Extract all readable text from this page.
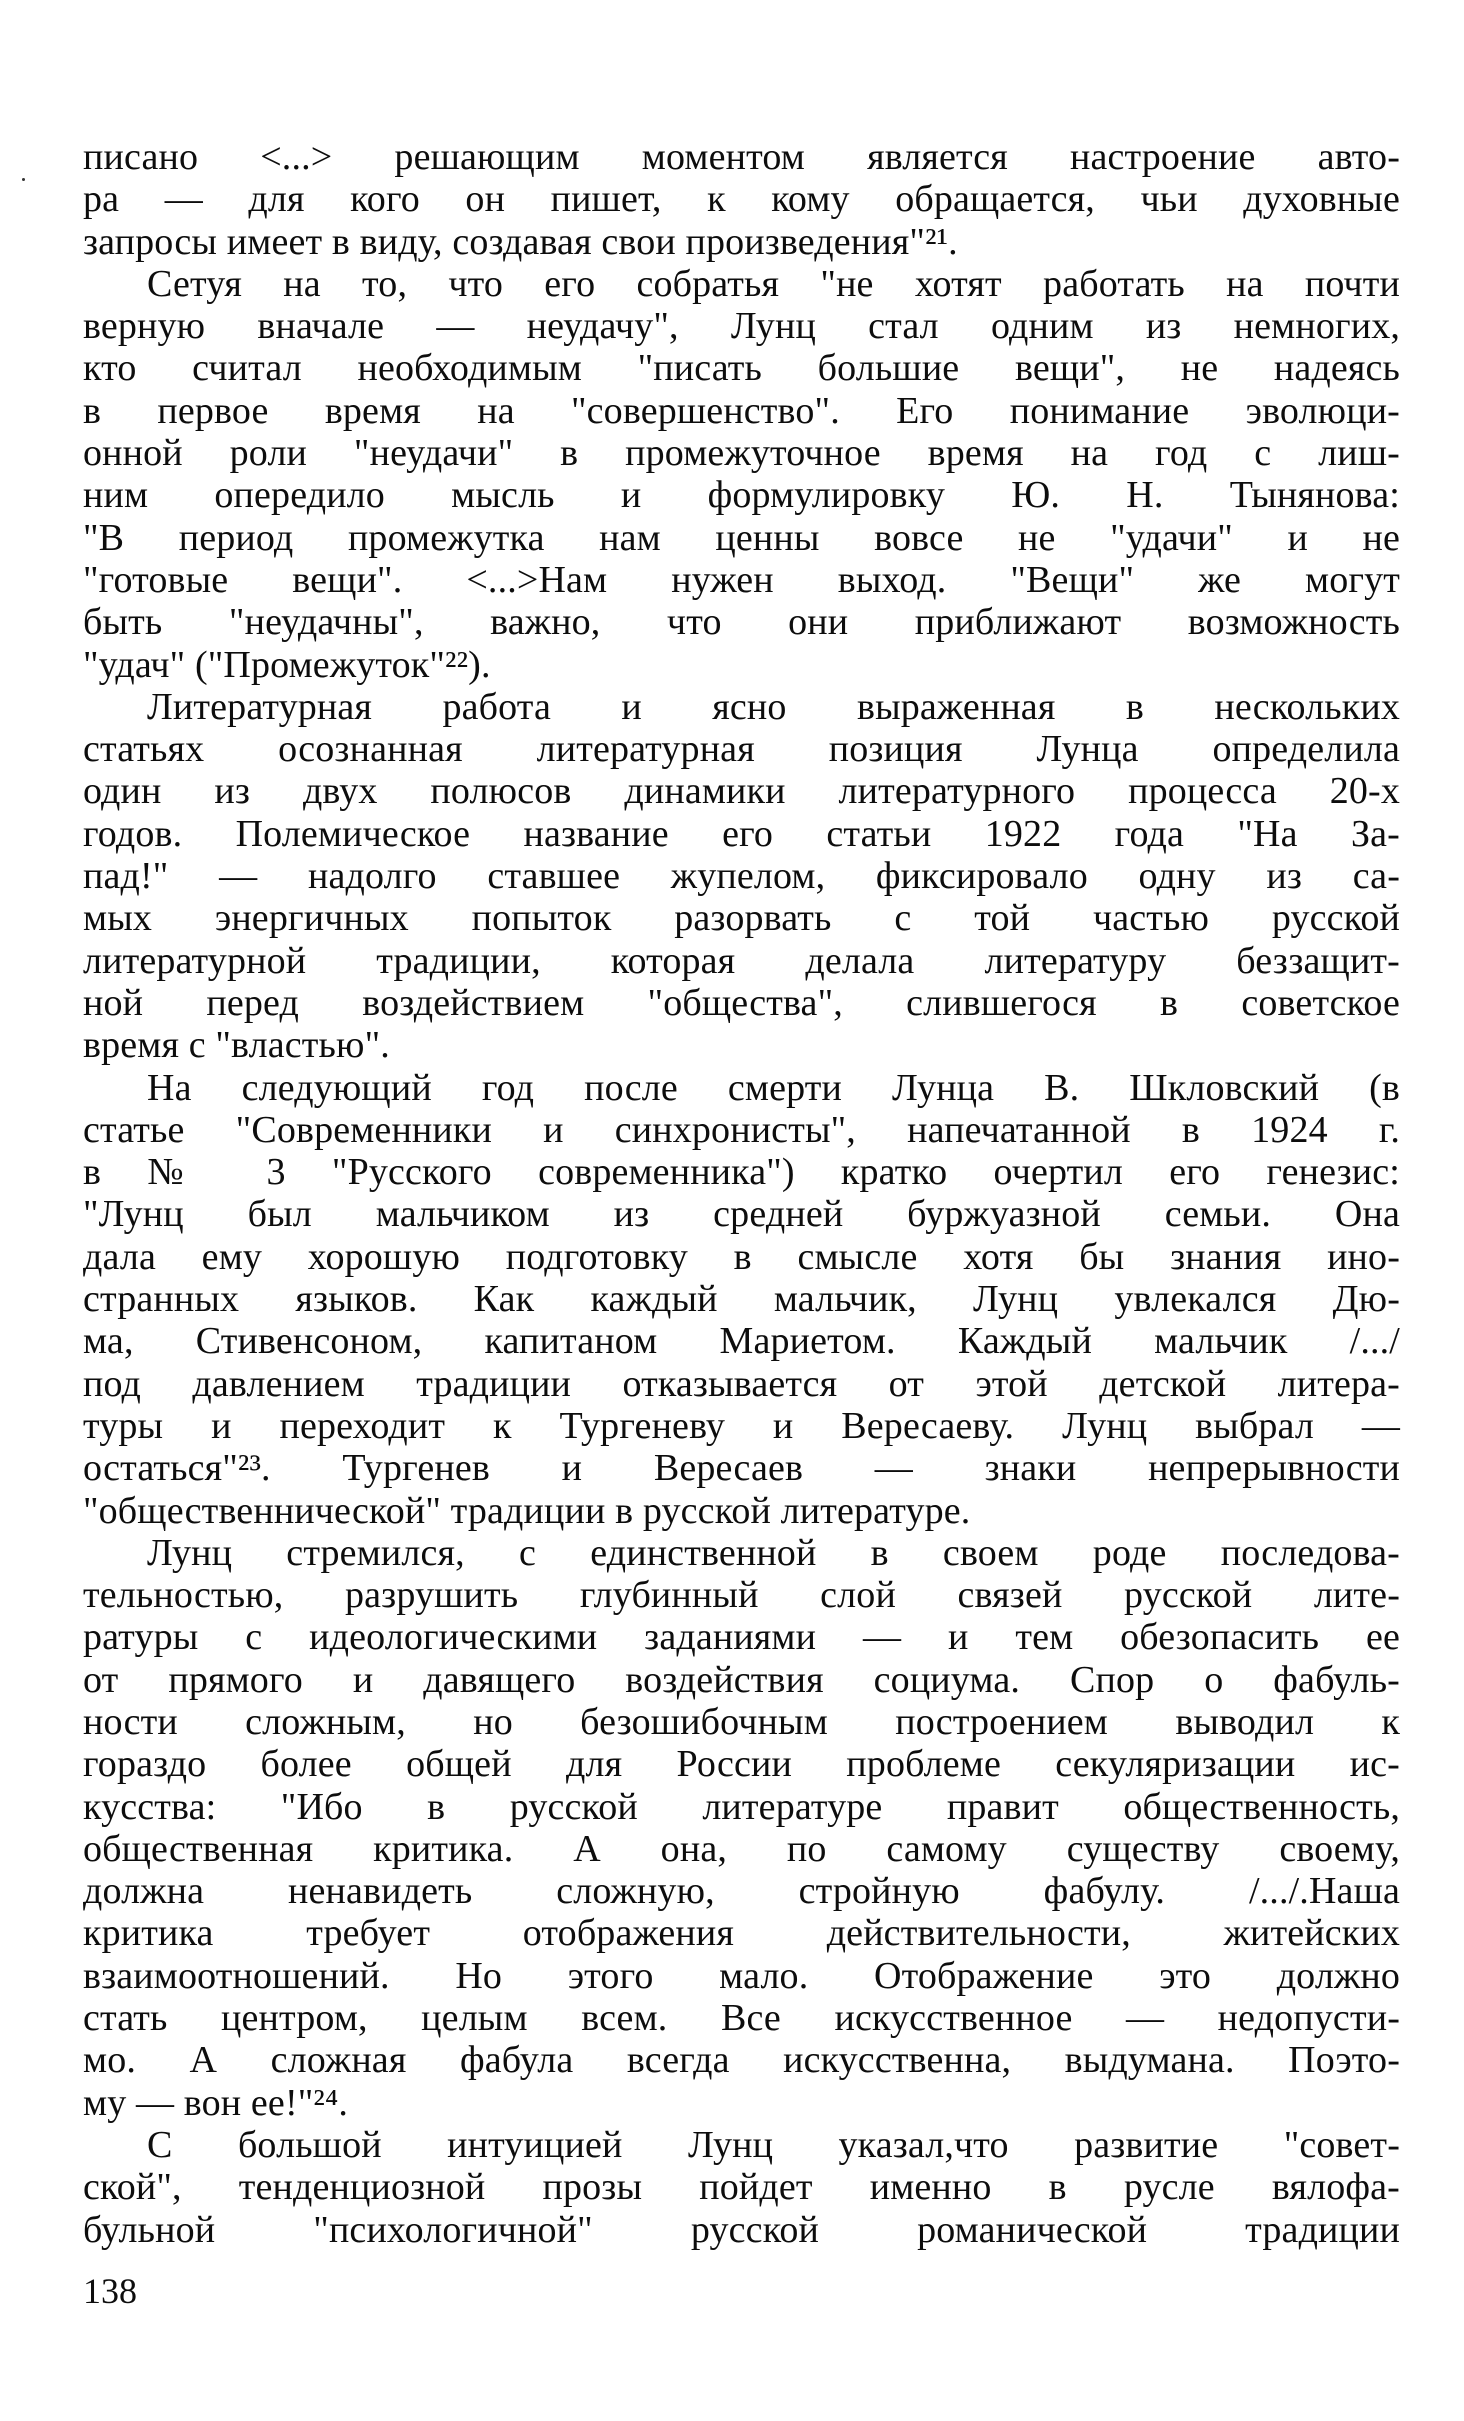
писано <...> решающим моментом является настроение авто-
ра — для кого он пишет, к кому обращается, чьи духовные
запросы имеет в виду, создавая свои произведения"²¹.
Сетуя на то, что его собратья "не хотят работать на почти
верную вначале — неудачу", Лунц стал одним из немногих,
кто считал необходимым "писать большие вещи", не надеясь
в первое время на "совершенство". Его понимание эволюци-
онной роли "неудачи" в промежуточное время на год с лиш-
ним опередило мысль и формулировку Ю. Н. Тынянова:
"В период промежутка нам ценны вовсе не "удачи" и не
"готовые вещи". <...>Нам нужен выход. "Вещи" же могут
быть "неудачны", важно, что они приближают возможность
"удач" ("Промежуток"²²).
Литературная работа и ясно выраженная в нескольких
статьях осознанная литературная позиция Лунца определила
один из двух полюсов динамики литературного процесса 20-х
годов. Полемическое название его статьи 1922 года "На За-
пад!" — надолго ставшее жупелом, фиксировало одну из са-
мых энергичных попыток разорвать с той частью русской
литературной традиции, которая делала литературу беззащит-
ной перед воздействием "общества", слившегося в советское
время с "властью".
На следующий год после смерти Лунца В. Шкловский (в
статье "Современники и синхронисты", напечатанной в 1924 г.
в № 3 "Русского современника") кратко очертил его генезис:
"Лунц был мальчиком из средней буржуазной семьи. Она
дала ему хорошую подготовку в смысле хотя бы знания ино-
странных языков. Как каждый мальчик, Лунц увлекался Дю-
ма, Стивенсоном, капитаном Мариетом. Каждый мальчик /.../
под давлением традиции отказывается от этой детской литера-
туры и переходит к Тургеневу и Вересаеву. Лунц выбрал —
остаться"²³. Тургенев и Вересаев — знаки непрерывности
"общественнической" традиции в русской литературе.
Лунц стремился, с единственной в своем роде последова-
тельностью, разрушить глубинный слой связей русской лите-
ратуры с идеологическими заданиями — и тем обезопасить ее
от прямого и давящего воздействия социума. Спор о фабуль-
ности сложным, но безошибочным построением выводил к
гораздо более общей для России проблеме секуляризации ис-
кусства: "Ибо в русской литературе правит общественность,
общественная критика. А она, по самому существу своему,
должна ненавидеть сложную, стройную фабулу. /.../.Наша
критика требует отображения действительности, житейских
взаимоотношений. Но этого мало. Отображение это должно
стать центром, целым всем. Все искусственное — недопусти-
мо. А сложная фабула всегда искусственна, выдумана. Поэто-
му — вон ее!"²⁴.
С большой интуицией Лунц указал,что развитие "совет-
ской", тенденциозной прозы пойдет именно в русле вялофа-
бульной "психологичной" русской романической традиции
138
